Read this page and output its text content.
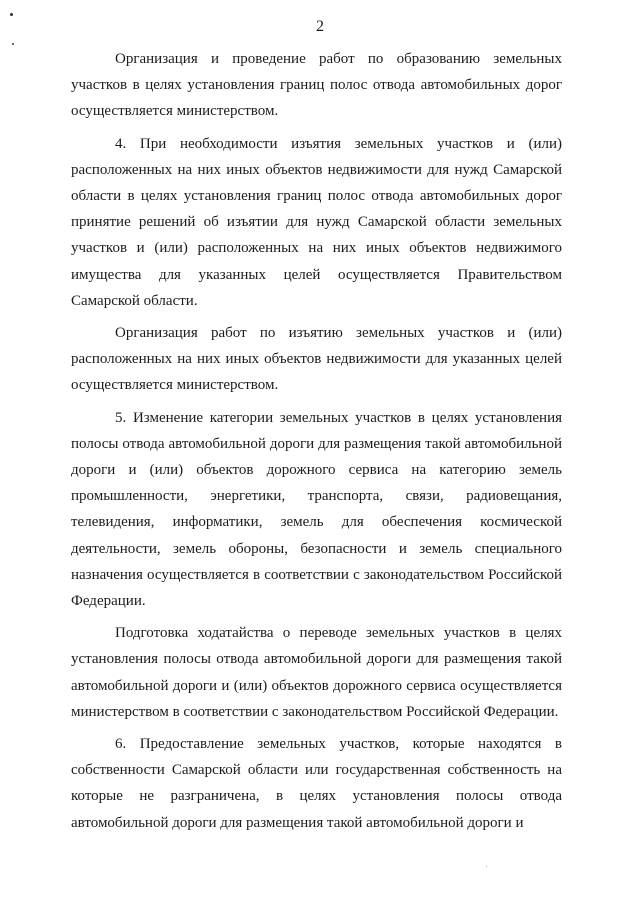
2

Организация и проведение работ по образованию земельных участков в целях установления границ полос отвода автомобильных дорог осуществляется министерством.

4. При необходимости изъятия земельных участков и (или) расположенных на них иных объектов недвижимости для нужд Самарской области в целях установления границ полос отвода автомобильных дорог принятие решений об изъятии для нужд Самарской области земельных участков и (или) расположенных на них иных объектов недвижимого имущества для указанных целей осуществляется Правительством Самарской области.

Организация работ по изъятию земельных участков и (или) расположенных на них иных объектов недвижимости для указанных целей осуществляется министерством.

5. Изменение категории земельных участков в целях установления полосы отвода автомобильной дороги для размещения такой автомобильной дороги и (или) объектов дорожного сервиса на категорию земель промышленности, энергетики, транспорта, связи, радиовещания, телевидения, информатики, земель для обеспечения космической деятельности, земель обороны, безопасности и земель специального назначения осуществляется в соответствии с законодательством Российской Федерации.

Подготовка ходатайства о переводе земельных участков в целях установления полосы отвода автомобильной дороги для размещения такой автомобильной дороги и (или) объектов дорожного сервиса осуществляется министерством в соответствии с законодательством Российской Федерации.

6. Предоставление земельных участков, которые находятся в собственности Самарской области или государственная собственность на которые не разграничена, в целях установления полосы отвода автомобильной дороги для размещения такой автомобильной дороги и
